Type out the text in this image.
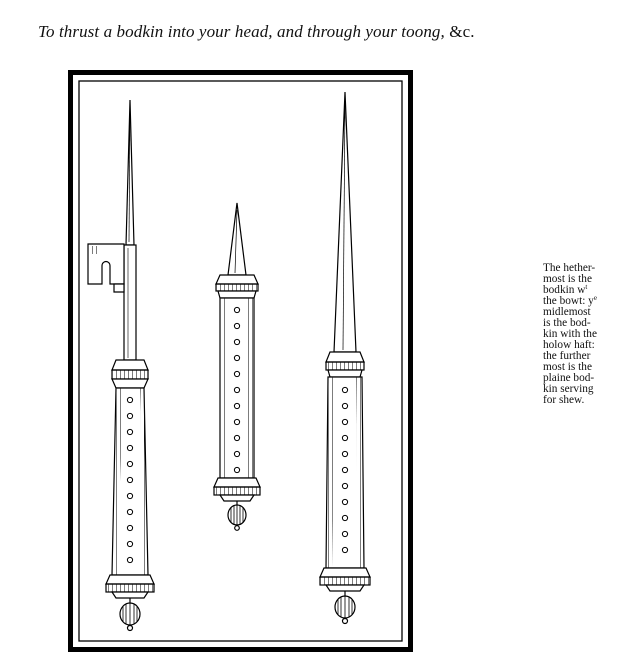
To thrust a bodkin into your head, and through your toong, &c.
The hether-
most is the
bodkin $w^t$
the bowt: $y^e$
midlemost
is the bod-
kin with the
holow haft:
the further
most is the
plaine bod-
kin serving
for shew.
